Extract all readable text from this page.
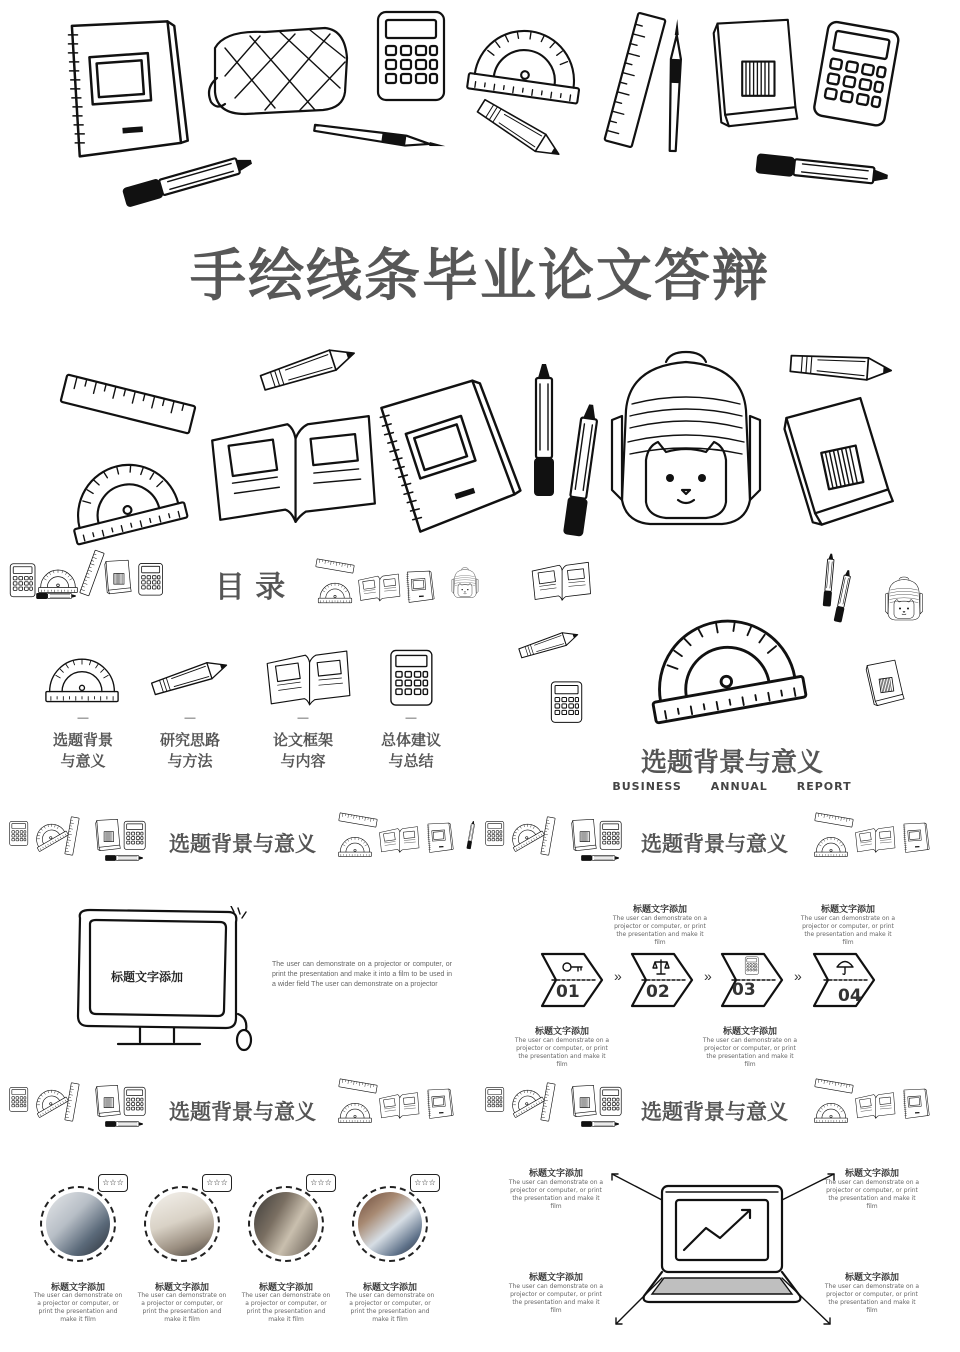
手绘线条毕业论文答辩
目 录
—
选题背景
与意义
—
研究思路
与方法
—
论文框架
与内容
—
总体建议
与总结	选题背景与意义
BUSINESS      ANNUAL      REPORT
选题背景与意义
标题文字添加
The user can demonstrate on a projector or computer, or print the presentation and make it into a film to be used in a wider field The user can demonstrate on a projector
选题背景与意义
标题文字添加
The user can demonstrate on a projector or computer, or print the presentation and make it film
标题文字添加
The user can demonstrate on a projector or computer, or print the presentation and make it film
01
»
02
»
03
»
04
标题文字添加
The user can demonstrate on a projector or computer, or print the presentation and make it film
标题文字添加
The user can demonstrate on a projector or computer, or print the presentation and make it film
选题背景与意义
☆☆☆
标题文字添加
The user can demonstrate on a projector or computer, or print the presentation and make it film
☆☆☆
标题文字添加
The user can demonstrate on a projector or computer, or print the presentation and make it film
☆☆☆
标题文字添加
The user can demonstrate on a projector or computer, or print the presentation and make it film
☆☆☆
标题文字添加
The user can demonstrate on a projector or computer, or print the presentation and make it film
选题背景与意义
标题文字添加
The user can demonstrate on a projector or computer, or print the presentation and make it film
标题文字添加
The user can demonstrate on a projector or computer, or print the presentation and make it film
标题文字添加
The user can demonstrate on a projector or computer, or print the presentation and make it film
标题文字添加
The user can demonstrate on a projector or computer, or print the presentation and make it film
